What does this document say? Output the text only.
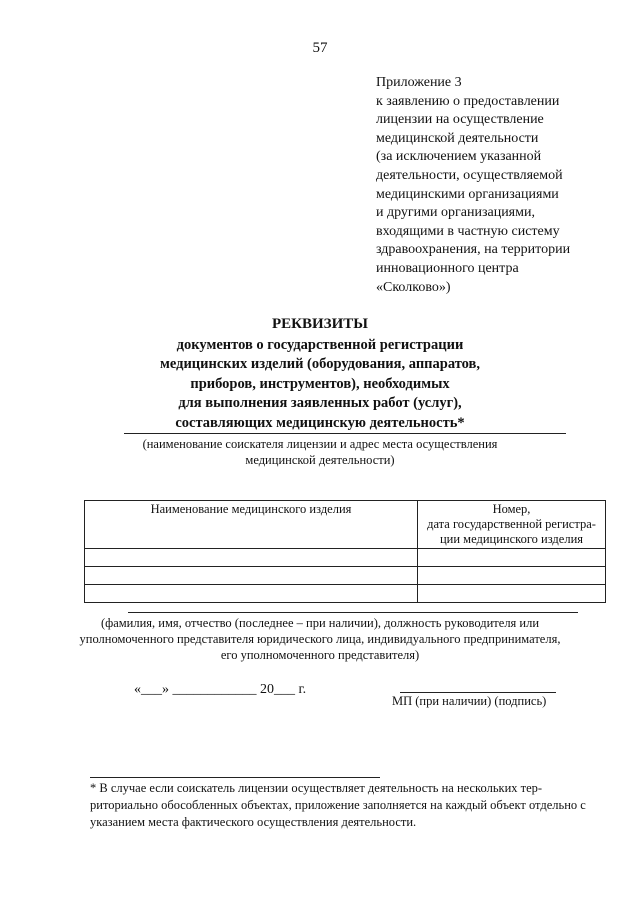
57
Приложение 3
к заявлению о предоставлении
лицензии на осуществление
медицинской деятельности
(за исключением указанной
деятельности, осуществляемой
медицинскими организациями
и другими организациями,
входящими в частную систему
здравоохранения, на территории
инновационного центра
«Сколково»)
РЕКВИЗИТЫ
документов о государственной регистрации
медицинских изделий (оборудования, аппаратов,
приборов, инструментов), необходимых
для выполнения заявленных работ (услуг),
составляющих медицинскую деятельность*
(наименование соискателя лицензии и адрес места осуществления
медицинской деятельности)
Наименование медицинского изделия	Номер,
дата государственной регистра-
ции медицинского изделия

(фамилия, имя, отчество (последнее – при наличии), должность руководителя или
уполномоченного представителя юридического лица, индивидуального предпринимателя,
его уполномоченного представителя)
«___» ____________ 20___ г.
МП (при наличии) (подпись)
* В случае если соискатель лицензии осуществляет деятельность на нескольких тер-
риториально обособленных объектах, приложение заполняется на каждый объект отдельно с
указанием места фактического осуществления деятельности.
